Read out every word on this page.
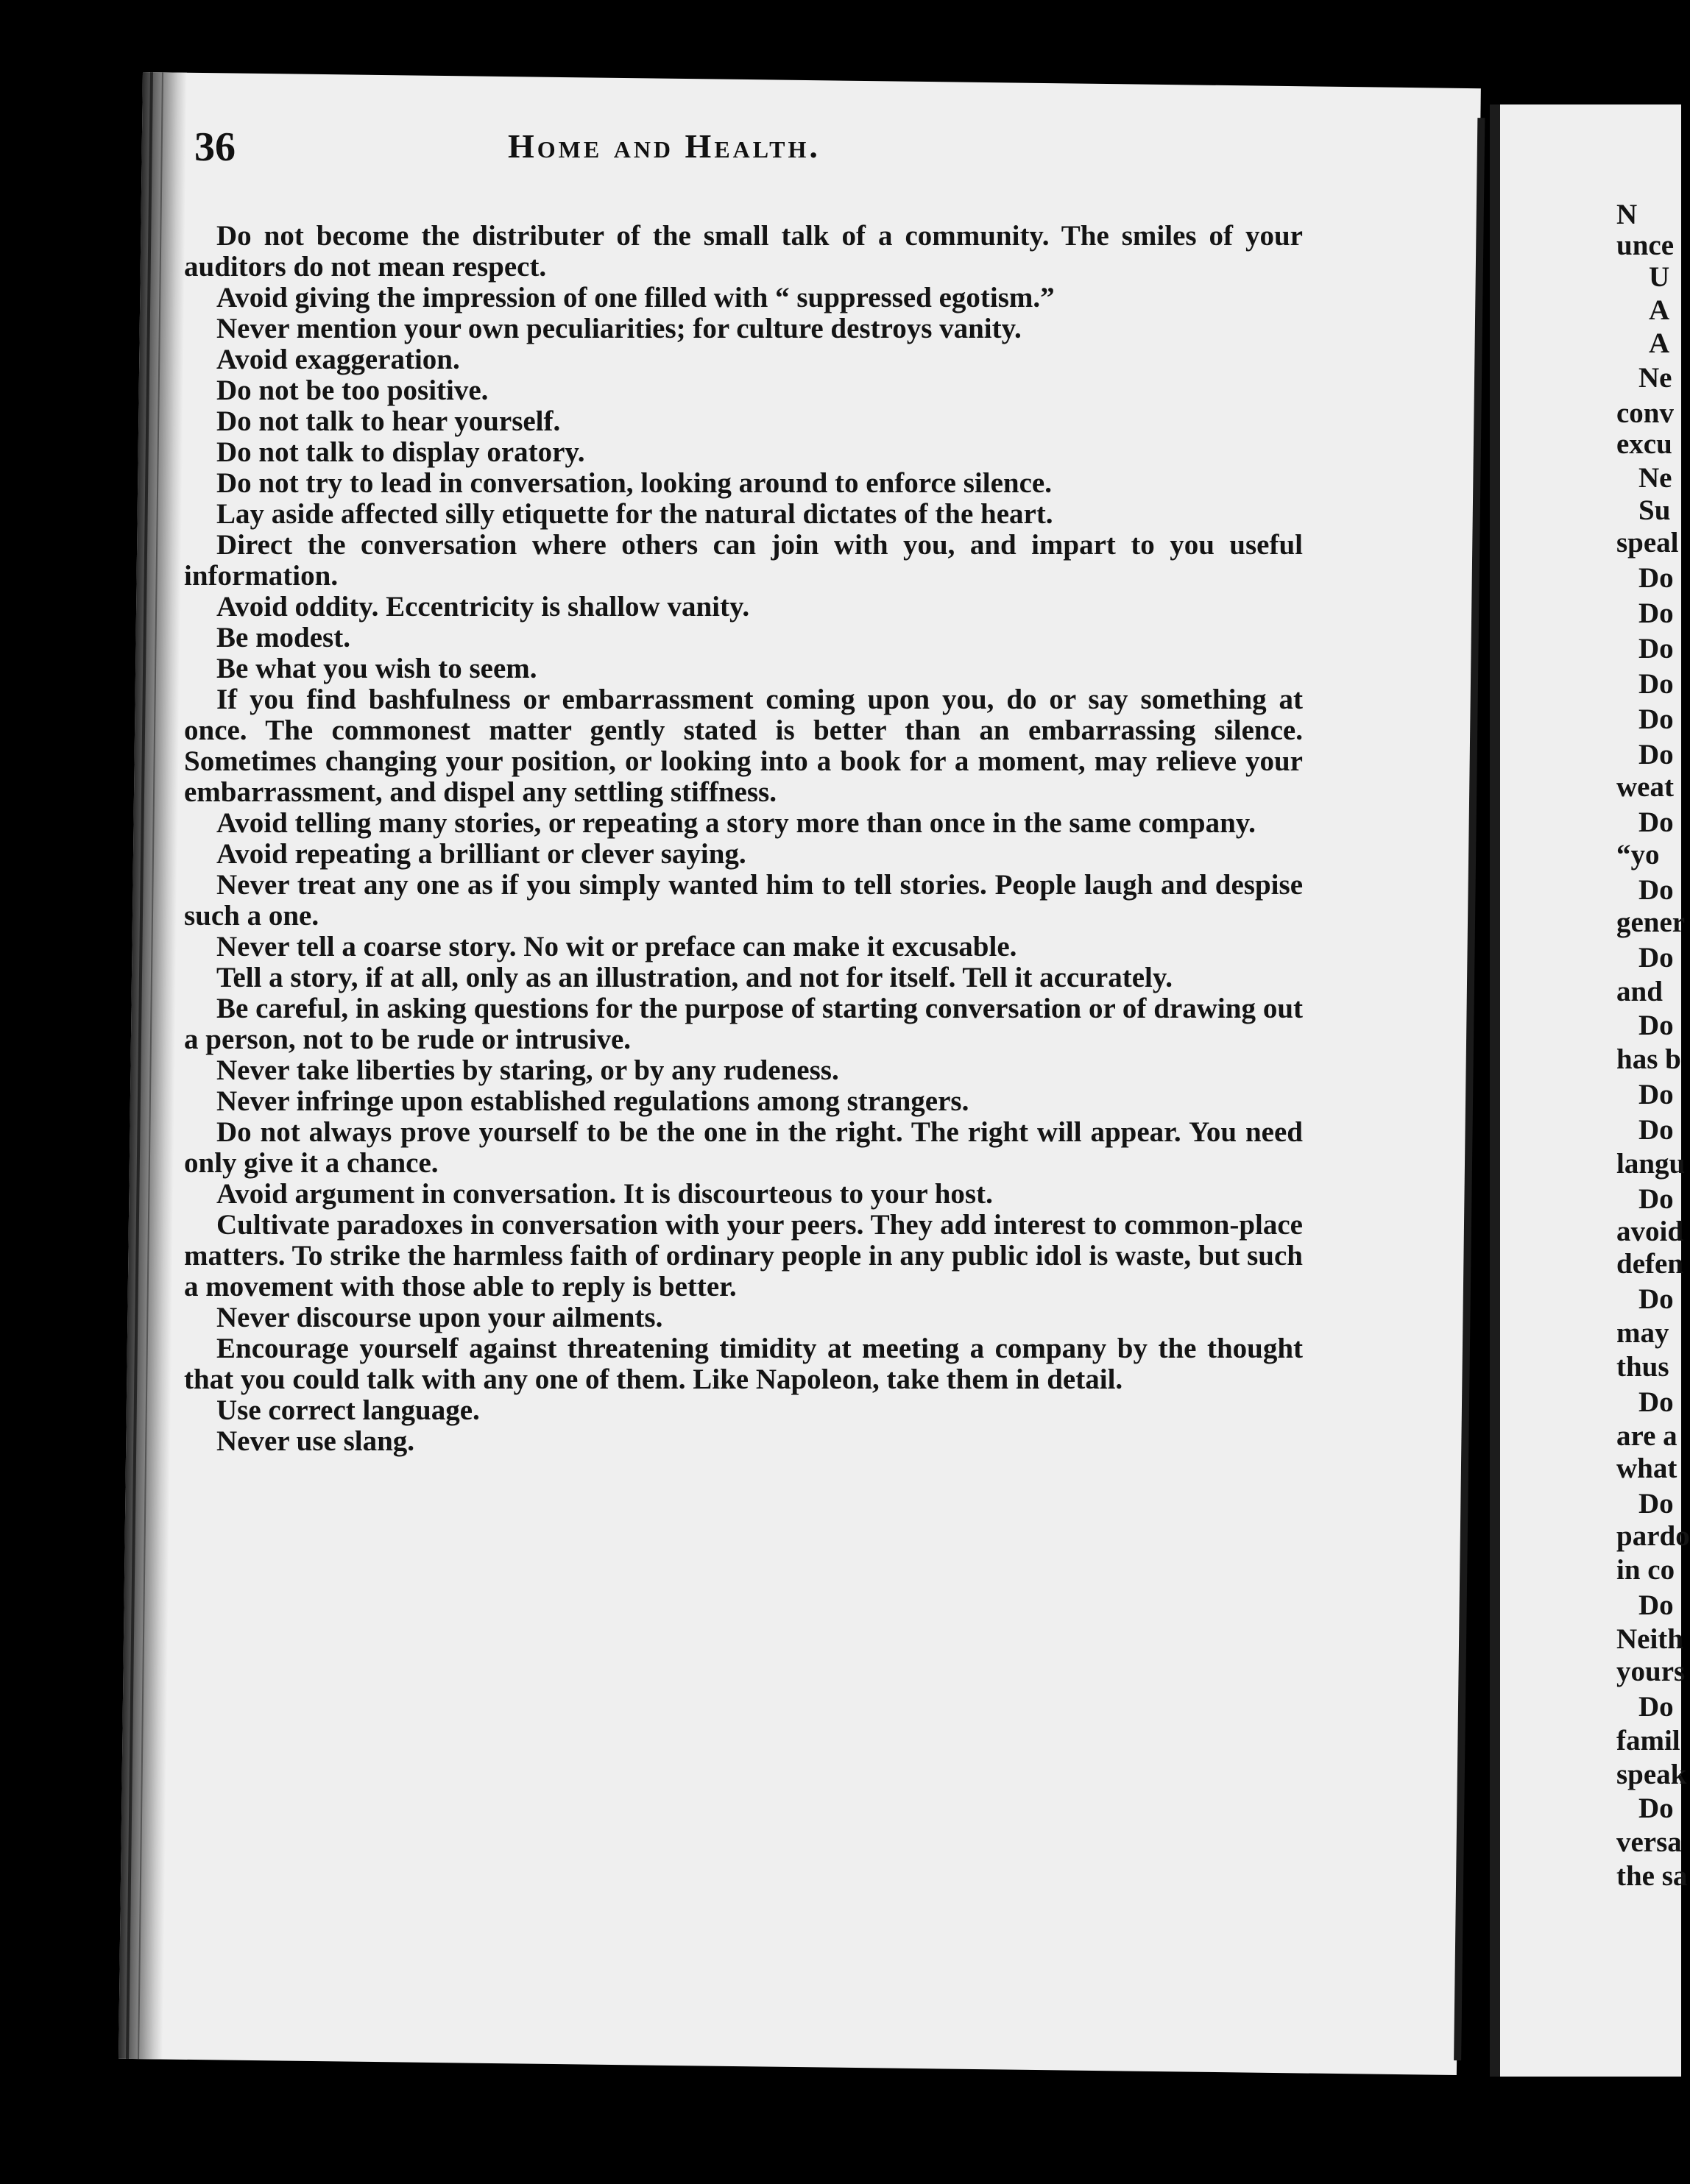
36	Home and Health.

Do not become the distributer of the small talk of a community. The smiles of your auditors do not mean respect.

Avoid giving the impression of one filled with “ suppressed egotism.”

Never mention your own peculiarities; for culture destroys vanity.

Avoid exaggeration.

Do not be too positive.

Do not talk to hear yourself.

Do not talk to display oratory.

Do not try to lead in conversation, looking around to enforce silence.

Lay aside affected silly etiquette for the natural dictates of the heart.

Direct the conversation where others can join with you, and impart to you useful information.

Avoid oddity. Eccentricity is shallow vanity.

Be modest.

Be what you wish to seem.

If you find bashfulness or embarrassment coming upon you, do or say something at once. The commonest matter gently stated is better than an embarrassing silence. Sometimes changing your position, or looking into a book for a moment, may relieve your embarrassment, and dispel any settling stiffness.

Avoid telling many stories, or repeating a story more than once in the same company.

Avoid repeating a brilliant or clever saying.

Never treat any one as if you simply wanted him to tell stories. People laugh and despise such a one.

Never tell a coarse story. No wit or preface can make it excusable.

Tell a story, if at all, only as an illustration, and not for itself. Tell it accurately.

Be careful, in asking questions for the purpose of starting conversation or of drawing out a person, not to be rude or intrusive.

Never take liberties by staring, or by any rudeness.

Never infringe upon established regulations among strangers.

Do not always prove yourself to be the one in the right. The right will appear. You need only give it a chance.

Avoid argument in conversation. It is discourteous to your host.

Cultivate paradoxes in conversation with your peers. They add interest to common-place matters. To strike the harmless faith of ordinary people in any public idol is waste, but such a movement with those able to reply is better.

Never discourse upon your ailments.

Encourage yourself against threatening timidity at meeting a company by the thought that you could talk with any one of them. Like Napoleon, take them in detail.

Use correct language.

Never use slang.

N
unce
U
A
A
Ne
conv
excu
Ne
Su
speal
Do
Do
Do
Do
Do
Do
weat
Do
“yo
Do
gener
Do
and
Do
has b
Do
Do
langu
Do
avoid
defen
Do
may
thus
Do
are a
what
Do
pardo
in co
Do
Neith
yours
Do
famil
speak
Do
versa
the sa
